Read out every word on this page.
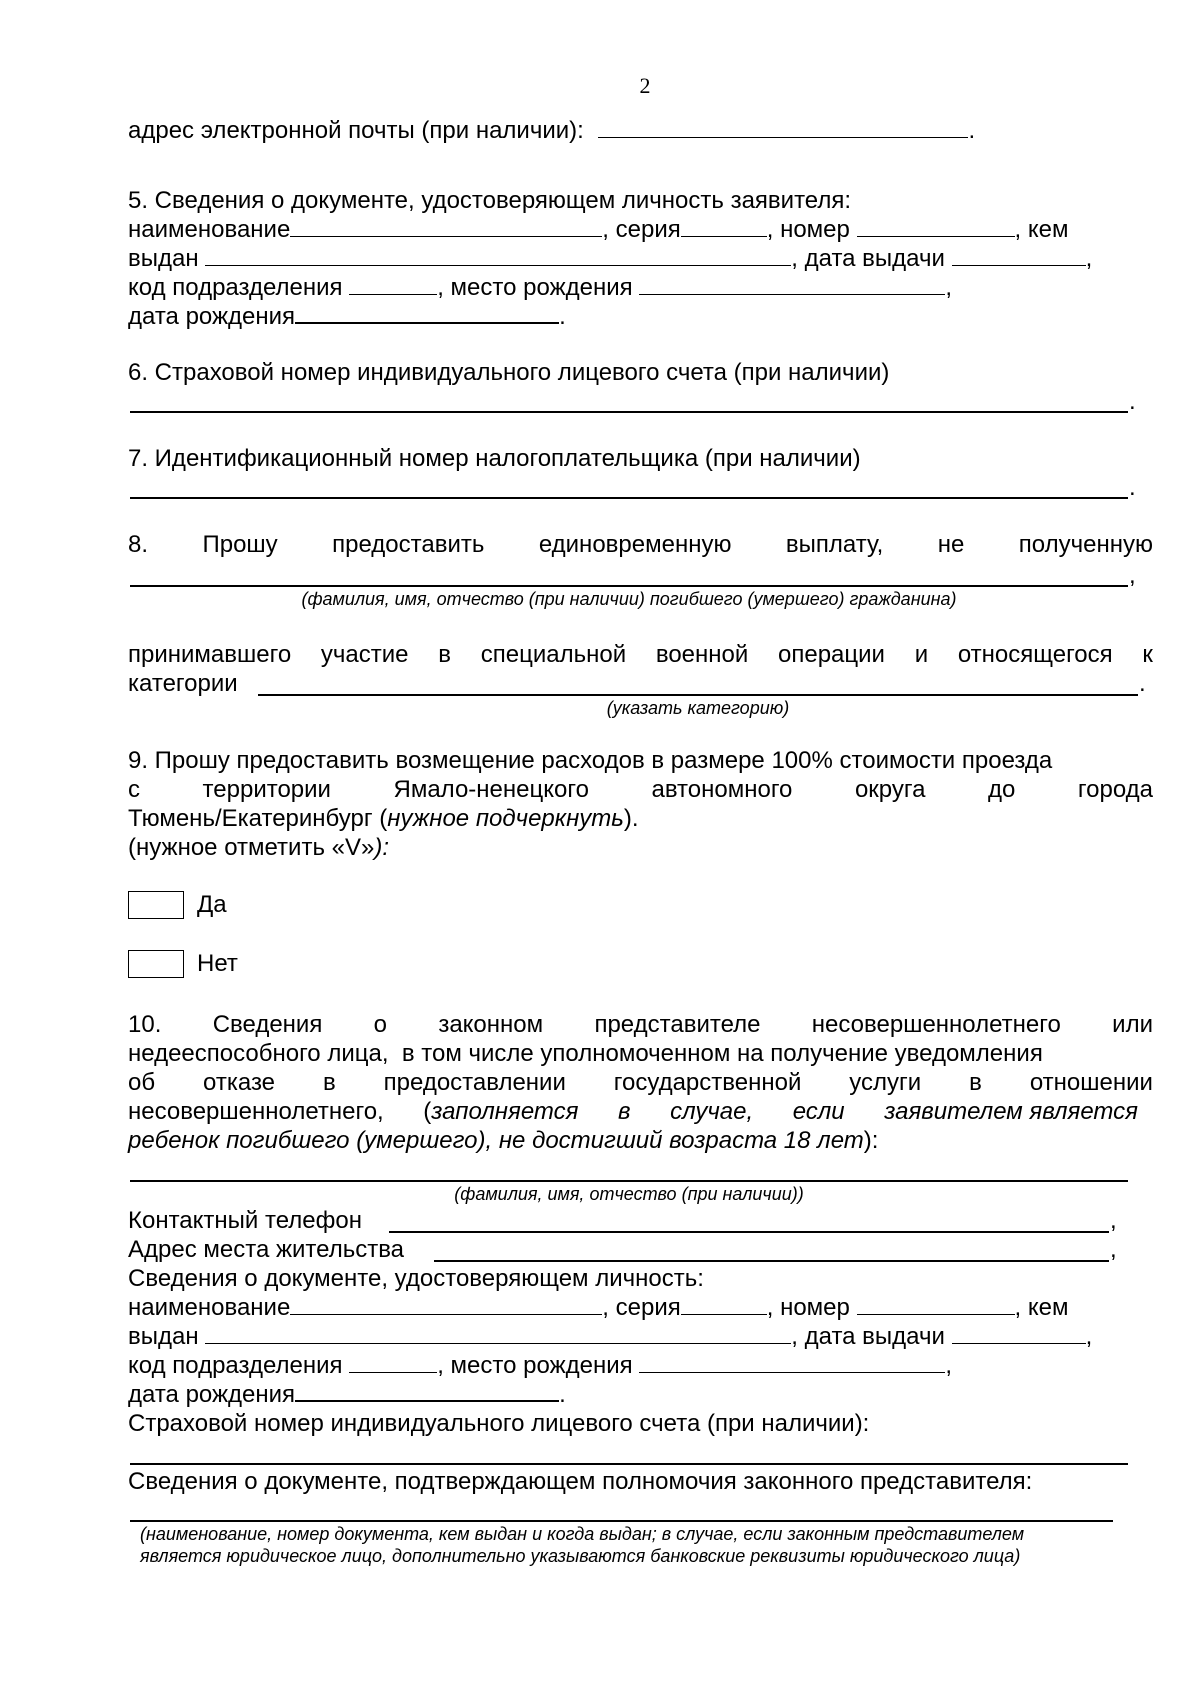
2
адрес электронной почты (при наличии):	.
5. Сведения о документе, удостоверяющем личность заявителя:
наименование	, серия	, номер	, кем
выдан	, дата выдачи	,
код подразделения	, место рождения	,
дата рождения	.
6. Страховой номер индивидуального лицевого счета (при наличии)
.
7. Идентификационный номер налогоплательщика (при наличии)
.
8. Прошу предоставить единовременную выплату, не полученную
,
(фамилия, имя, отчество (при наличии) погибшего (умершего) гражданина)
принимавшего участие в специальной военной операции и относящегося к
категории	.
(указать категорию)
9. Прошу предоставить возмещение расходов в размере 100% стоимости проезда
с	территории	Ямало-ненецкого	автономного	округа	до	города
Тюмень/Екатеринбург (нужное подчеркнуть).
(нужное отметить «V»):
Да
Нет
10. Сведения о законном представителе несовершеннолетнего или
недееспособного лица,  в том числе уполномоченном на получение уведомления
об отказе в предоставлении государственной услуги в отношении
несовершеннолетнего, (заполняется в случае, если заявителем является
ребенок погибшего (умершего), не достигший возраста 18 лет):
(фамилия, имя, отчество (при наличии))
Контактный телефон	,
Адрес места жительства	,
Сведения о документе, удостоверяющем личность:
наименование	, серия	, номер	, кем
выдан	, дата выдачи	,
код подразделения	, место рождения	,
дата рождения	.
Страховой номер индивидуального лицевого счета (при наличии):
Сведения о документе, подтверждающем полномочия законного представителя:
(наименование, номер документа, кем выдан и когда выдан; в случае, если законным представителем
является юридическое лицо, дополнительно указываются банковские реквизиты юридического лица)
